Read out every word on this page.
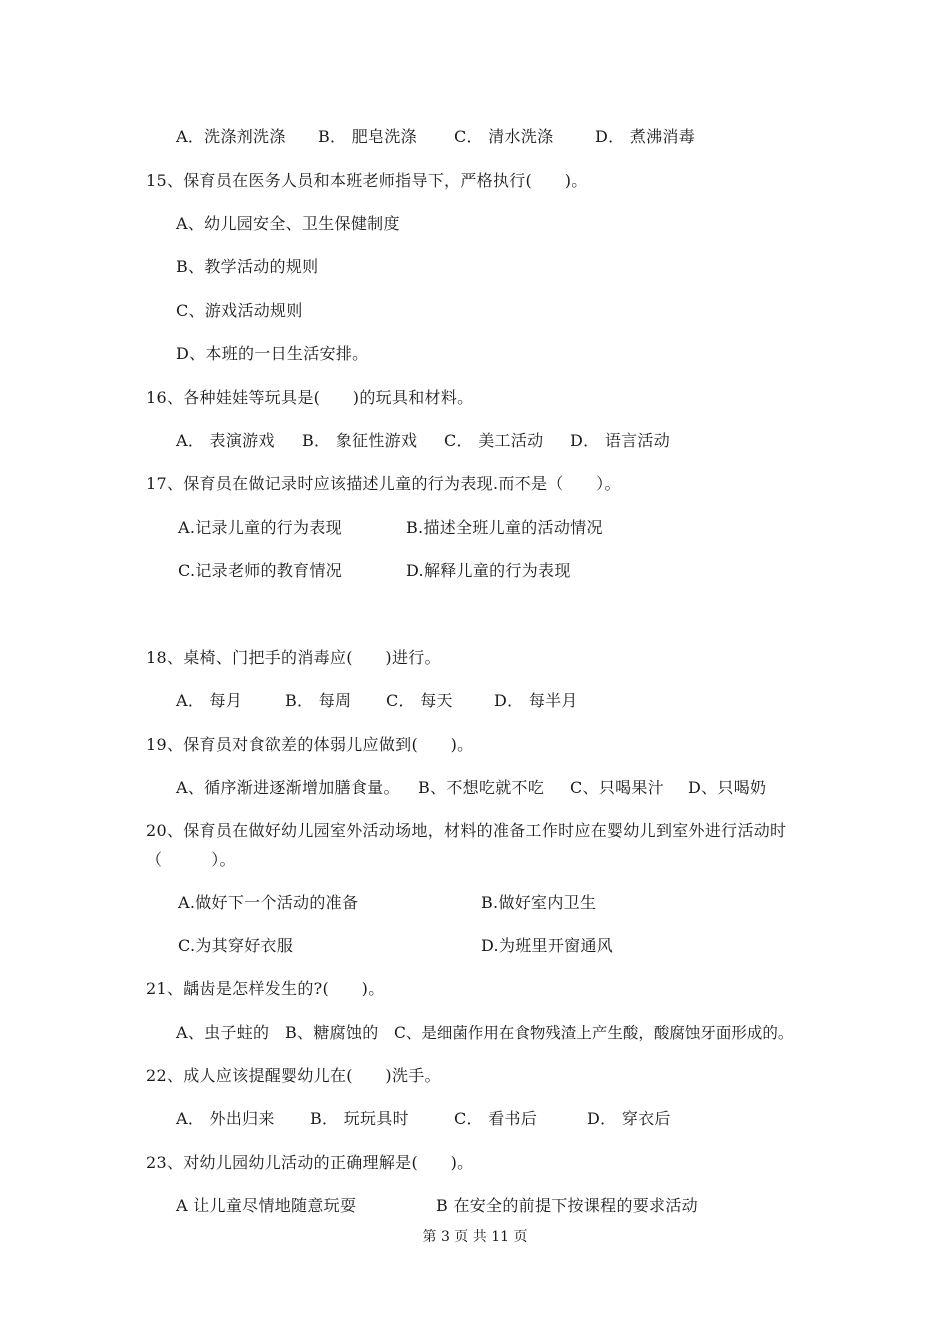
A．洗涤剂洗涤 B． 肥皂洗涤 C． 清水洗涤	D． 煮沸消毒
15、保育员在医务人员和本班老师指导下，严格执行(　　)。
A、幼儿园安全、卫生保健制度
B、教学活动的规则
C、游戏活动规则
D、本班的一日生活安排。
16、各种娃娃等玩具是(　　)的玩具和材料。
A． 表演游戏 B． 象征性游戏 C． 美工活动 D． 语言活动
17、保育员在做记录时应该描述儿童的行为表现.而不是（　　）。
A.记录儿童的行为表现	B.描述全班儿童的活动情况
C.记录老师的教育情况	D.解释儿童的行为表现
18、桌椅、门把手的消毒应(　　)进行。
A． 每月	B． 每周 C． 每天	D． 每半月
19、保育员对食欲差的体弱儿应做到(　　)。
A、循序渐进逐渐增加膳食量。 B、不想吃就不吃 C、只喝果汁 D、只喝奶
20、保育员在做好幼儿园室外活动场地，材料的准备工作时应在婴幼儿到室外进行活动时
（　　　）。
A.做好下一个活动的准备	B.做好室内卫生
C.为其穿好衣服	D.为班里开窗通风
21、龋齿是怎样发生的?(　　)。
A、虫子蛀的 B、糖腐蚀的 C、是细菌作用在食物残渣上产生酸，酸腐蚀牙面形成的。
22、成人应该提醒婴幼儿在(　　)洗手。
A． 外出归来 B． 玩玩具时	C． 看书后	D． 穿衣后
23、对幼儿园幼儿活动的正确理解是(　　)。
A 让儿童尽情地随意玩耍	B 在安全的前提下按课程的要求活动
第 3 页 共 11 页
